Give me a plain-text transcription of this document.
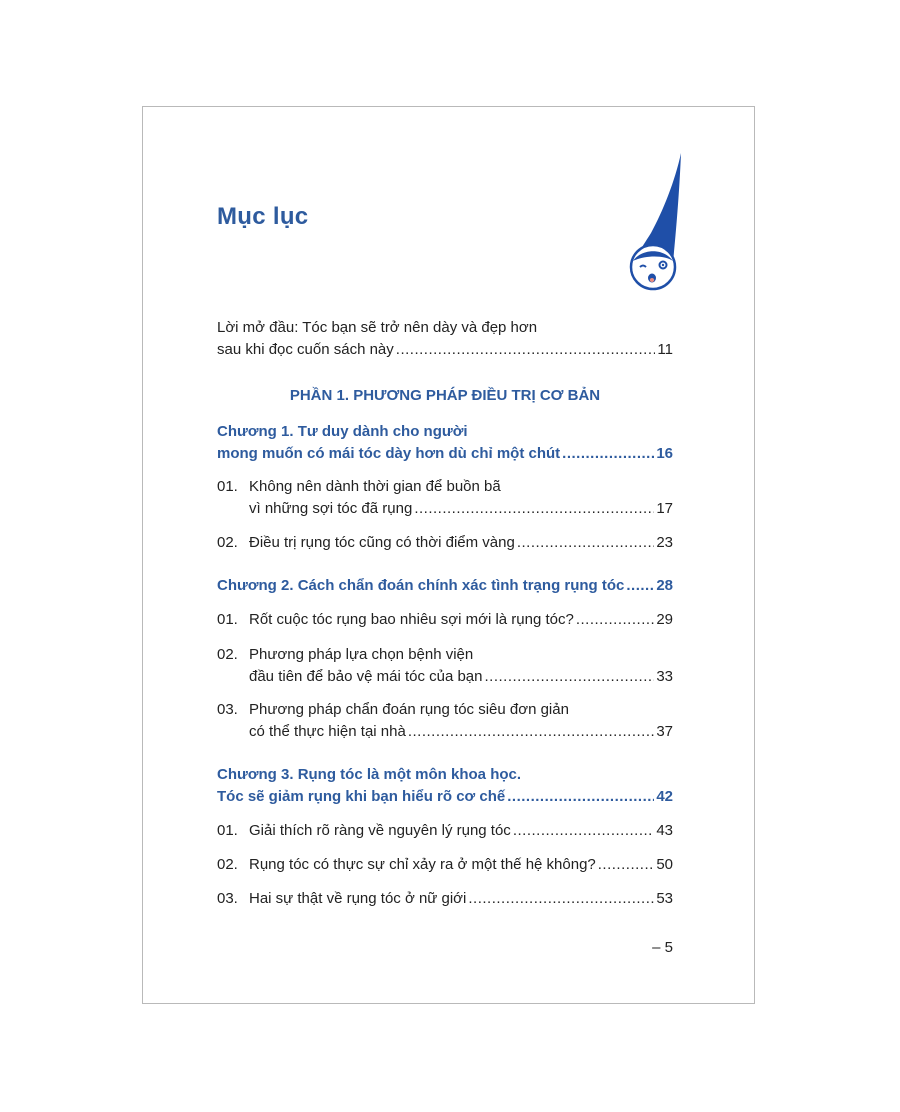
Mục lục
Lời mở đầu: Tóc bạn sẽ trở nên dày và đẹp hơn
sau khi đọc cuốn sách này .....	11
PHẦN 1. PHƯƠNG PHÁP ĐIỀU TRỊ CƠ BẢN
Chương 1. Tư duy dành cho người
mong muốn có mái tóc dày hơn dù chỉ một chút .....	16
01. Không nên dành thời gian để buồn bã
vì những sợi tóc đã rụng .....	17
02. Điều trị rụng tóc cũng có thời điểm vàng .....	23
Chương 2. Cách chẩn đoán chính xác tình trạng rụng tóc ..... 28
01. Rốt cuộc tóc rụng bao nhiêu sợi mới là rụng tóc? .....	29
02. Phương pháp lựa chọn bệnh viện
đầu tiên để bảo vệ mái tóc của bạn .....	33
03. Phương pháp chẩn đoán rụng tóc siêu đơn giản
có thể thực hiện tại nhà .....	37
Chương 3. Rụng tóc là một môn khoa học.
Tóc sẽ giảm rụng khi bạn hiểu rõ cơ chế .....	42
01. Giải thích rõ ràng về nguyên lý rụng tóc .....	43
02. Rụng tóc có thực sự chỉ xảy ra ở một thế hệ không? .....	50
03. Hai sự thật về rụng tóc ở nữ giới .....	53
– 5
